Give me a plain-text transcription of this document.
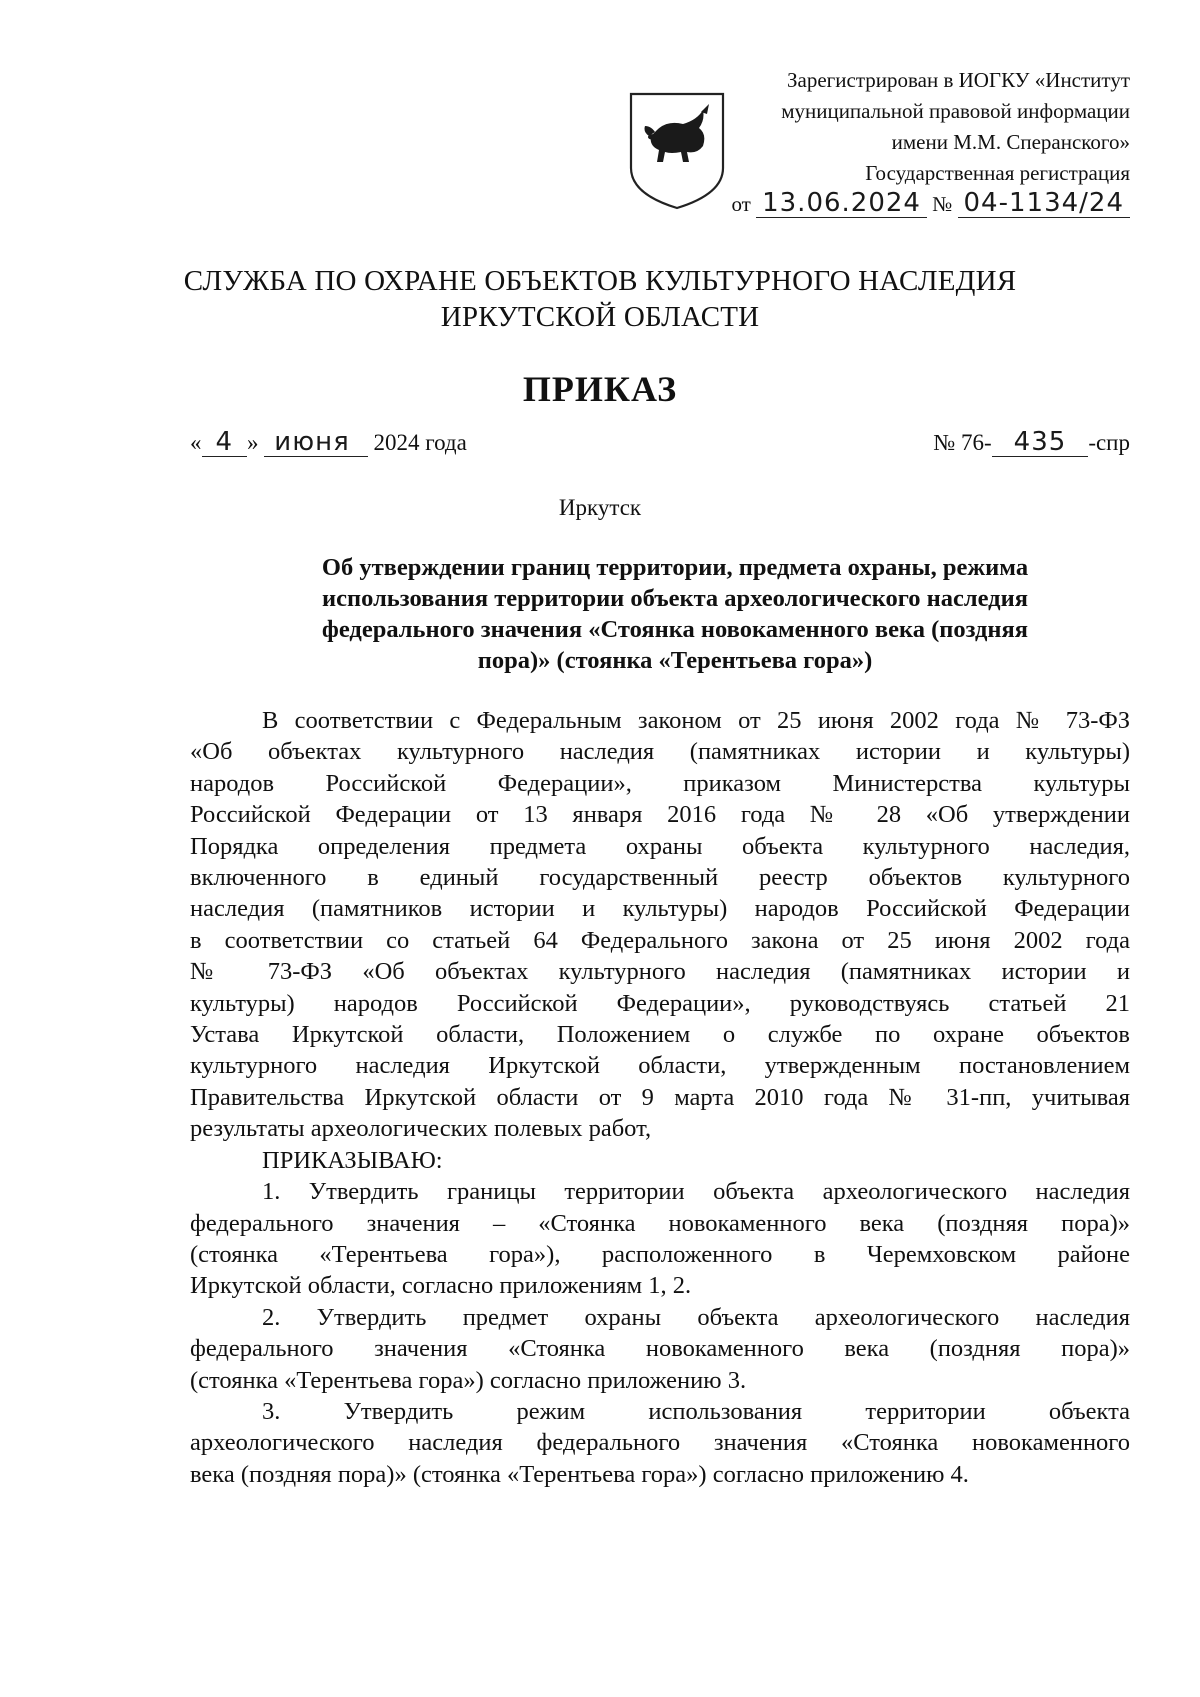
Зарегистрирован в ИОГКУ «Институт
муниципальной правовой информации
имени М.М. Сперанского»
Государственная регистрация
от 13.06.2024 № 04-1134/24
СЛУЖБА ПО ОХРАНЕ ОБЪЕКТОВ КУЛЬТУРНОГО НАСЛЕДИЯ
ИРКУТСКОЙ ОБЛАСТИ
ПРИКАЗ
« 4 » июня 2024 года	№ 76- 435 -спр
Иркутск
Об утверждении границ территории, предмета охраны, режима
использования территории объекта археологического наследия
федерального значения «Стоянка новокаменного века (поздняя
пора)» (стоянка «Терентьева гора»)
В соответствии с Федеральным законом от 25 июня 2002 года № 73-ФЗ
«Об объектах культурного наследия (памятниках истории и культуры)
народов Российской Федерации», приказом Министерства культуры
Российской Федерации от 13 января 2016 года № 28 «Об утверждении
Порядка определения предмета охраны объекта культурного наследия,
включенного в единый государственный реестр объектов культурного
наследия (памятников истории и культуры) народов Российской Федерации
в соответствии со статьей 64 Федерального закона от 25 июня 2002 года
№ 73-ФЗ «Об объектах культурного наследия (памятниках истории и
культуры) народов Российской Федерации», руководствуясь статьей 21
Устава Иркутской области, Положением о службе по охране объектов
культурного наследия Иркутской области, утвержденным постановлением
Правительства Иркутской области от 9 марта 2010 года № 31-пп, учитывая
результаты археологических полевых работ,
ПРИКАЗЫВАЮ:
1. Утвердить границы территории объекта археологического наследия
федерального значения – «Стоянка новокаменного века (поздняя пора)»
(стоянка «Терентьева гора»), расположенного в Черемховском районе
Иркутской области, согласно приложениям 1, 2.
2. Утвердить предмет охраны объекта археологического наследия
федерального значения «Стоянка новокаменного века (поздняя пора)»
(стоянка «Терентьева гора») согласно приложению 3.
3. Утвердить режим использования территории объекта
археологического наследия федерального значения «Стоянка новокаменного
века (поздняя пора)» (стоянка «Терентьева гора») согласно приложению 4.
